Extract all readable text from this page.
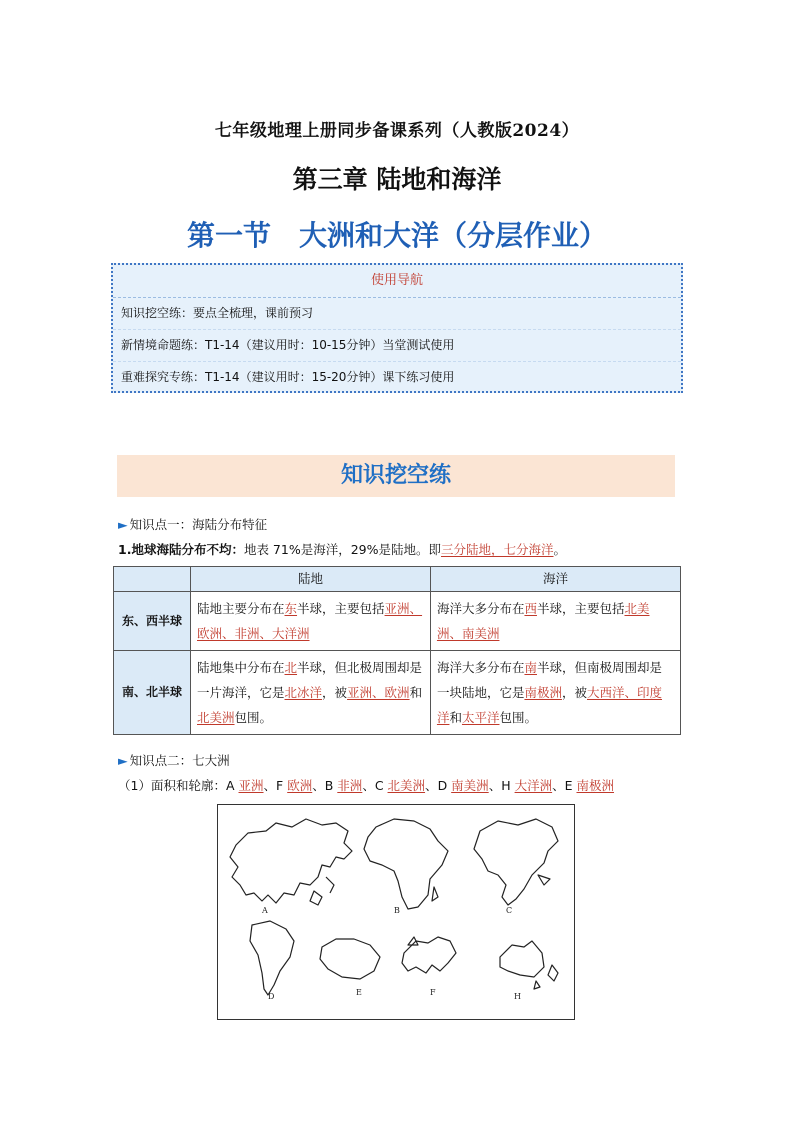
七年级地理上册同步备课系列（人教版2024）
第三章 陆地和海洋
第一节 大洲和大洋（分层作业）
使用导航
知识挖空练：要点全梳理，课前预习
新情境命题练：T1-14（建议用时：10-15分钟）当堂测试使用
重难探究专练：T1-14（建议用时：15-20分钟）课下练习使用
知识挖空练
► 知识点一：海陆分布特征
1.地球海陆分布不均：地表 71%是海洋，29%是陆地。即三分陆地，七分海洋。
	陆地	海洋
东、西半球	陆地主要分布在东半球，主要包括亚洲、欧洲、非洲、大洋洲	海洋大多分布在西半球，主要包括北美洲、南美洲
南、北半球	陆地集中分布在北半球，但北极周围却是一片海洋，它是北冰洋，被亚洲、欧洲和北美洲包围。	海洋大多分布在南半球，但南极周围却是一块陆地，它是南极洲，被大西洋、印度洋和太平洋包围。
► 知识点二：七大洲
（1）面积和轮廓：A 亚洲、F 欧洲、B 非洲、C 北美洲、D 南美洲、H 大洋洲、E 南极洲
A	B	C
D	E	F	H
